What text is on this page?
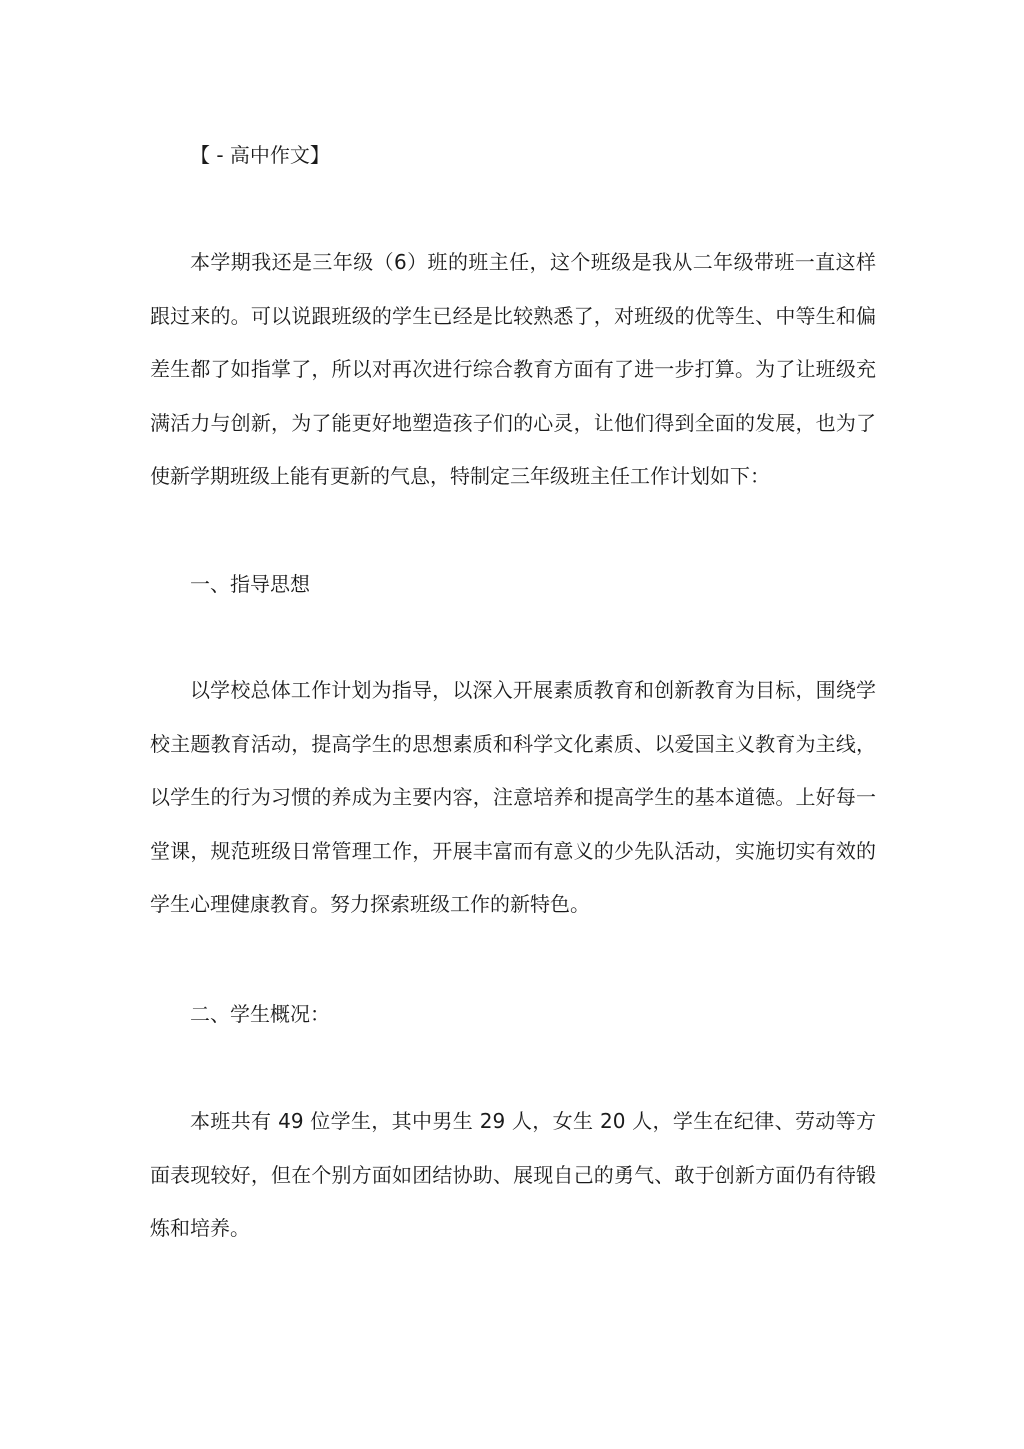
【 - 高中作文】

本学期我还是三年级（6）班的班主任，这个班级是我从二年级带班一直这样跟过来的。可以说跟班级的学生已经是比较熟悉了，对班级的优等生、中等生和偏差生都了如指掌了，所以对再次进行综合教育方面有了进一步打算。为了让班级充满活力与创新，为了能更好地塑造孩子们的心灵，让他们得到全面的发展，也为了使新学期班级上能有更新的气息，特制定三年级班主任工作计划如下：

一、指导思想

以学校总体工作计划为指导，以深入开展素质教育和创新教育为目标，围绕学校主题教育活动，提高学生的思想素质和科学文化素质、以爱国主义教育为主线，以学生的行为习惯的养成为主要内容，注意培养和提高学生的基本道德。上好每一堂课，规范班级日常管理工作，开展丰富而有意义的少先队活动，实施切实有效的学生心理健康教育。努力探索班级工作的新特色。

二、学生概况：

本班共有 49 位学生，其中男生 29 人，女生 20 人，学生在纪律、劳动等方面表现较好，但在个别方面如团结协助、展现自己的勇气、敢于创新方面仍有待锻炼和培养。
